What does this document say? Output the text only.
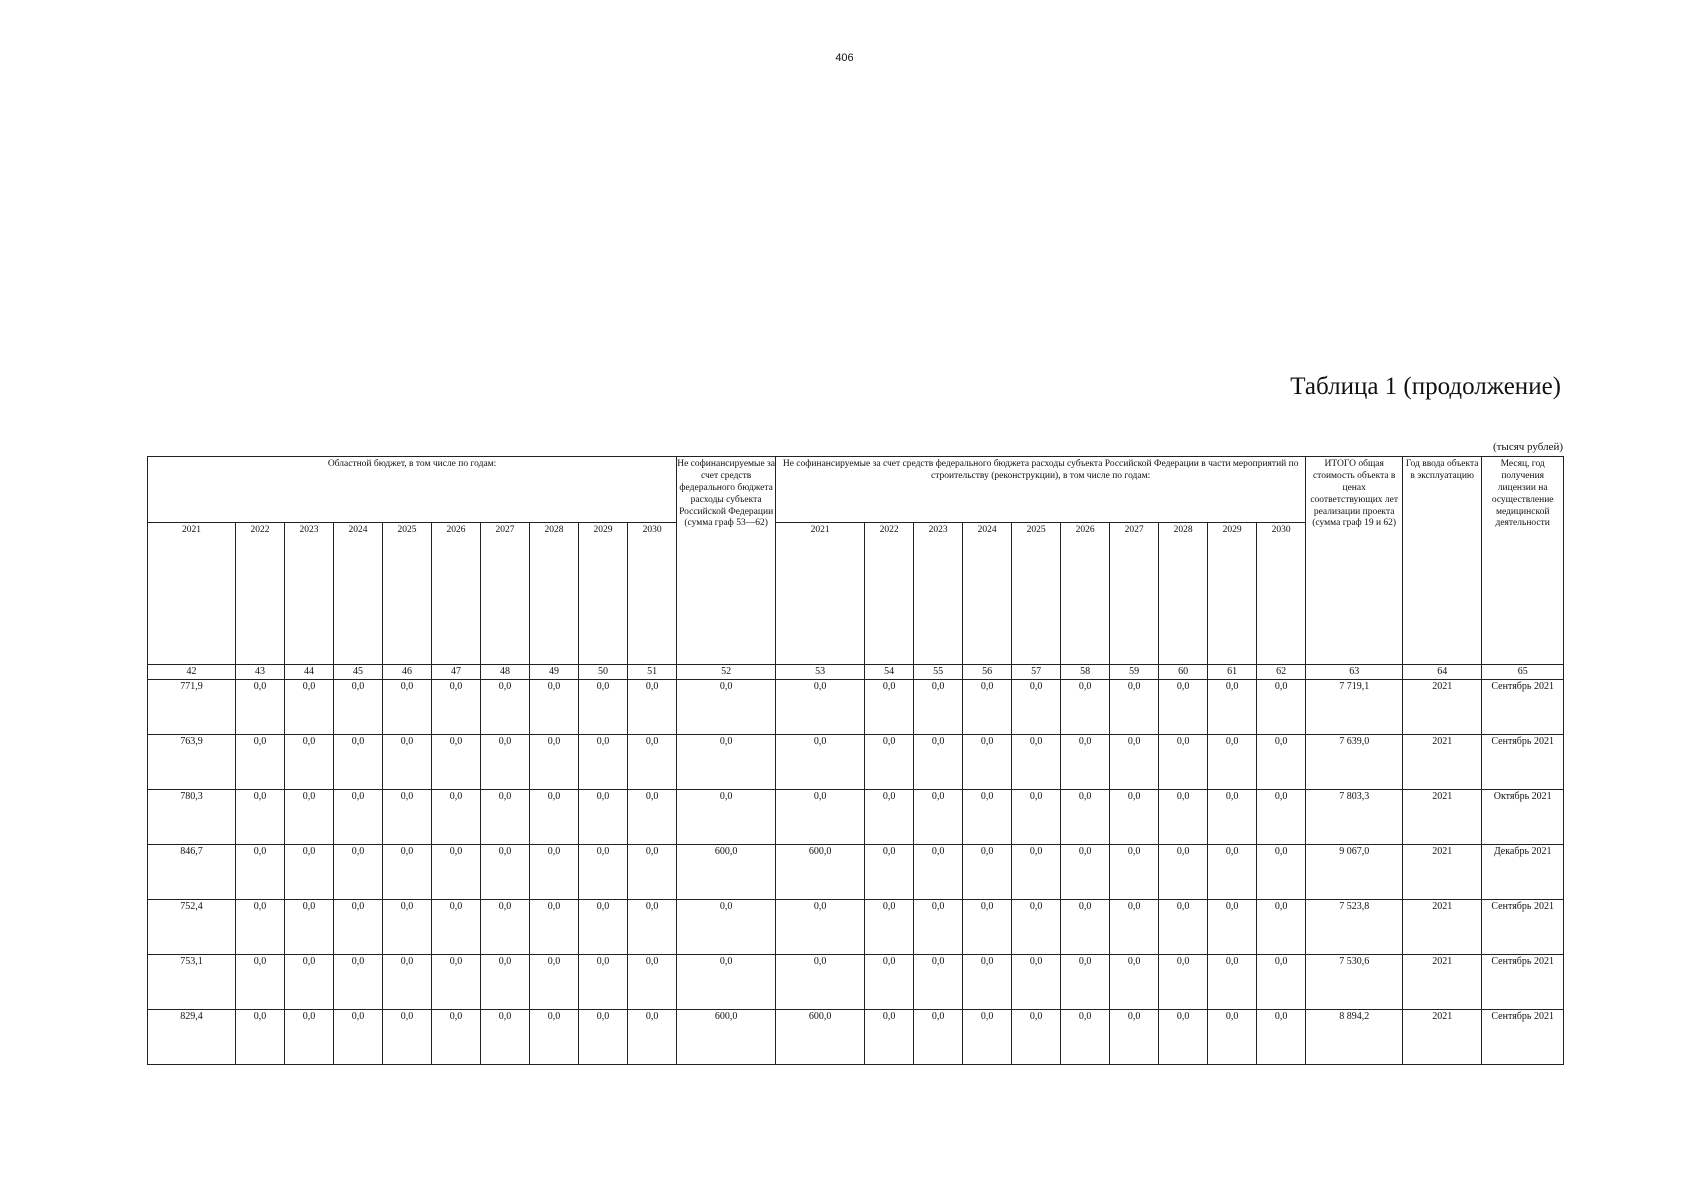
406
Таблица 1 (продолжение)
(тысяч рублей)
Областной бюджет, в том числе по годам:										Не софинансируемые за счет средств федерального бюджета расходы субъекта Российской Федерации (сумма граф 53—62)	Не софинансируемые за счет средств федерального бюджета расходы субъекта Российской Федерации в части мероприятий по строительству (реконструкции), в том числе по годам:										ИТОГО общая стоимость объекта в ценах соответствующих лет реализации проекта (сумма граф 19 и 62)	Год ввода объекта в эксплуатацию	Месяц, год получения лицензии на осуществление медицинской деятельности
2021	2022	2023	2024	2025	2026	2027	2028	2029	2030		2021	2022	2023	2024	2025	2026	2027	2028	2029	2030			
42	43	44	45	46	47	48	49	50	51	52	53	54	55	56	57	58	59	60	61	62	63	64	65
771,9	0,0	0,0	0,0	0,0	0,0	0,0	0,0	0,0	0,0	0,0	0,0	0,0	0,0	0,0	0,0	0,0	0,0	0,0	0,0	0,0	7 719,1	2021	Сентябрь 2021
763,9	0,0	0,0	0,0	0,0	0,0	0,0	0,0	0,0	0,0	0,0	0,0	0,0	0,0	0,0	0,0	0,0	0,0	0,0	0,0	0,0	7 639,0	2021	Сентябрь 2021
780,3	0,0	0,0	0,0	0,0	0,0	0,0	0,0	0,0	0,0	0,0	0,0	0,0	0,0	0,0	0,0	0,0	0,0	0,0	0,0	0,0	7 803,3	2021	Октябрь 2021
846,7	0,0	0,0	0,0	0,0	0,0	0,0	0,0	0,0	0,0	600,0	600,0	0,0	0,0	0,0	0,0	0,0	0,0	0,0	0,0	0,0	9 067,0	2021	Декабрь 2021
752,4	0,0	0,0	0,0	0,0	0,0	0,0	0,0	0,0	0,0	0,0	0,0	0,0	0,0	0,0	0,0	0,0	0,0	0,0	0,0	0,0	7 523,8	2021	Сентябрь 2021
753,1	0,0	0,0	0,0	0,0	0,0	0,0	0,0	0,0	0,0	0,0	0,0	0,0	0,0	0,0	0,0	0,0	0,0	0,0	0,0	0,0	7 530,6	2021	Сентябрь 2021
829,4	0,0	0,0	0,0	0,0	0,0	0,0	0,0	0,0	0,0	600,0	600,0	0,0	0,0	0,0	0,0	0,0	0,0	0,0	0,0	0,0	8 894,2	2021	Сентябрь 2021
